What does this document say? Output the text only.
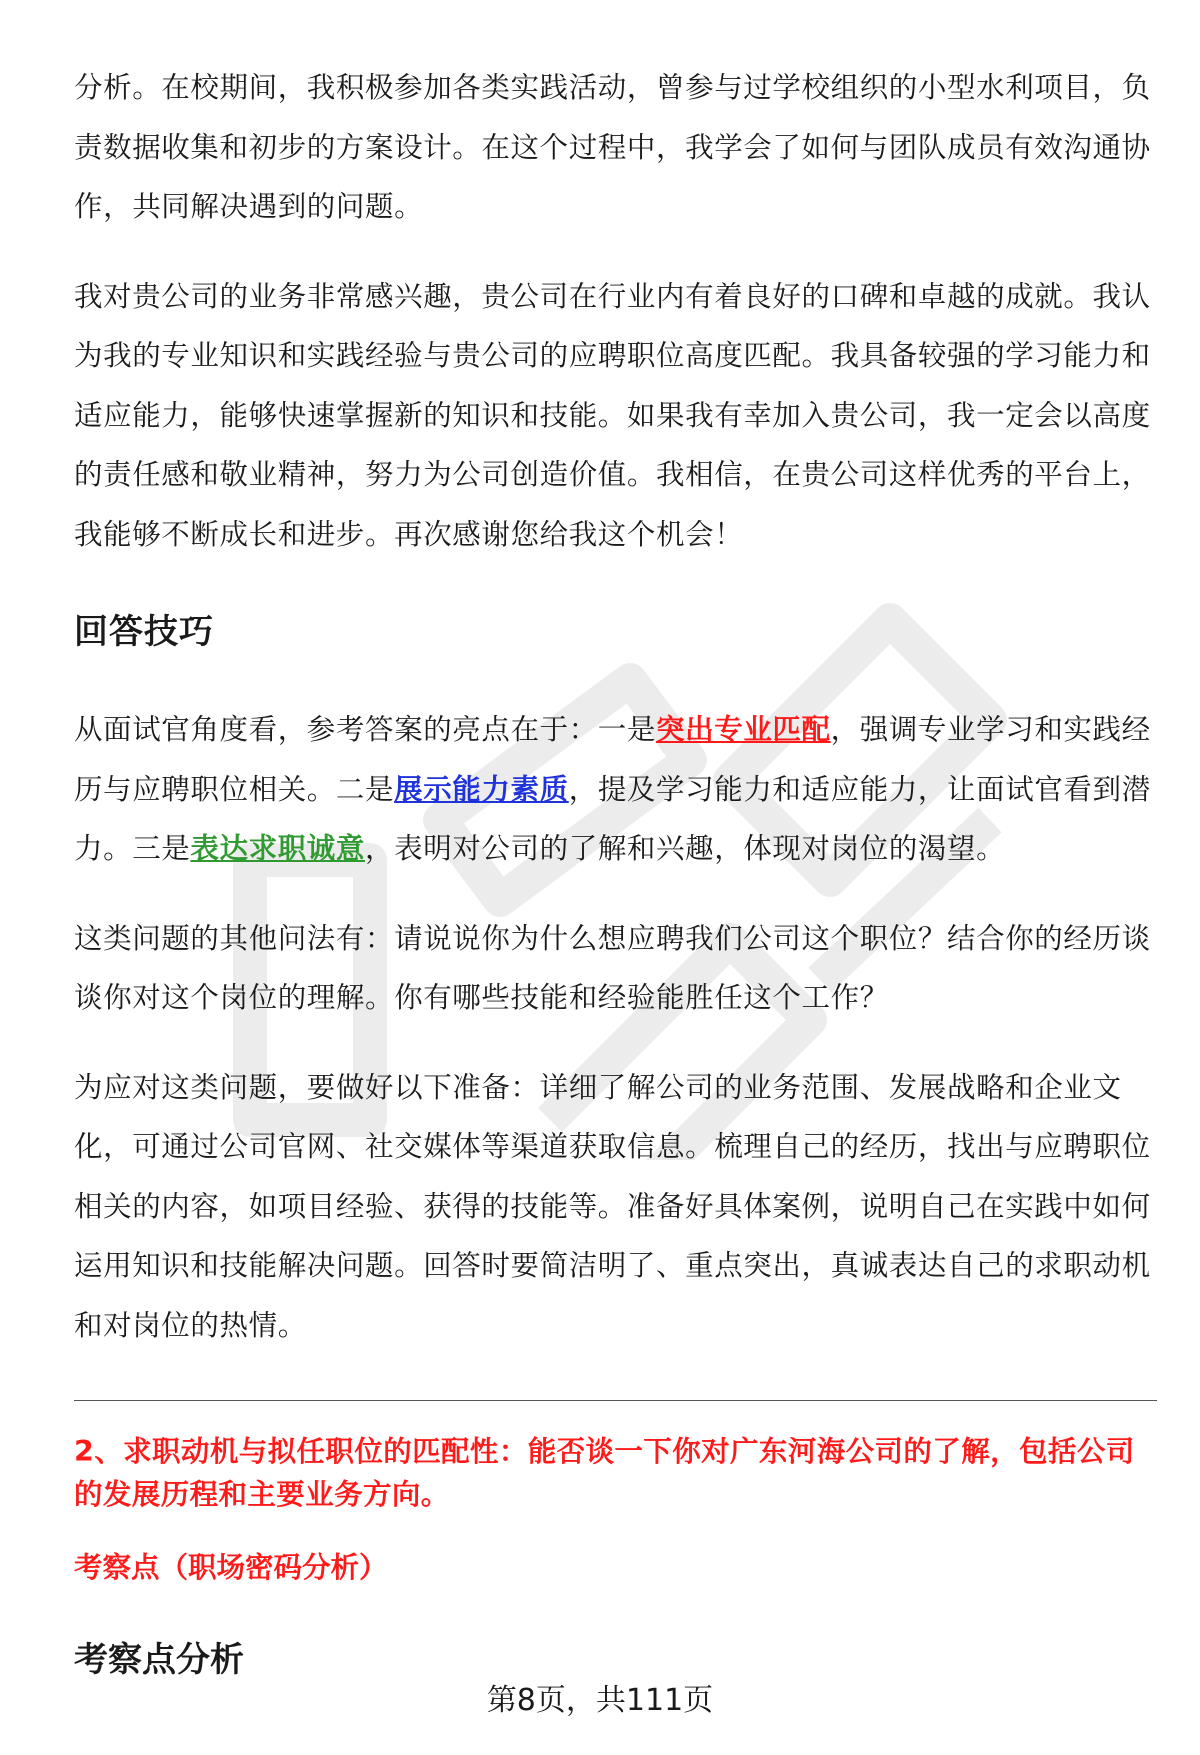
分析。在校期间，我积极参加各类实践活动，曾参与过学校组织的小型水利项目，负责数据收集和初步的方案设计。在这个过程中，我学会了如何与团队成员有效沟通协作，共同解决遇到的问题。

我对贵公司的业务非常感兴趣，贵公司在行业内有着良好的口碑和卓越的成就。我认为我的专业知识和实践经验与贵公司的应聘职位高度匹配。我具备较强的学习能力和适应能力，能够快速掌握新的知识和技能。如果我有幸加入贵公司，我一定会以高度的责任感和敬业精神，努力为公司创造价值。我相信，在贵公司这样优秀的平台上，我能够不断成长和进步。再次感谢您给我这个机会！

回答技巧

从面试官角度看，参考答案的亮点在于：一是突出专业匹配，强调专业学习和实践经历与应聘职位相关。二是展示能力素质，提及学习能力和适应能力，让面试官看到潜力。三是表达求职诚意，表明对公司的了解和兴趣，体现对岗位的渴望。

这类问题的其他问法有：请说说你为什么想应聘我们公司这个职位？结合你的经历谈谈你对这个岗位的理解。你有哪些技能和经验能胜任这个工作？

为应对这类问题，要做好以下准备：详细了解公司的业务范围、发展战略和企业文化，可通过公司官网、社交媒体等渠道获取信息。梳理自己的经历，找出与应聘职位相关的内容，如项目经验、获得的技能等。准备好具体案例，说明自己在实践中如何运用知识和技能解决问题。回答时要简洁明了、重点突出，真诚表达自己的求职动机和对岗位的热情。

2、求职动机与拟任职位的匹配性：能否谈一下你对广东河海公司的了解，包括公司的发展历程和主要业务方向。
考察点（职场密码分析）
考察点分析
第8页，共111页
